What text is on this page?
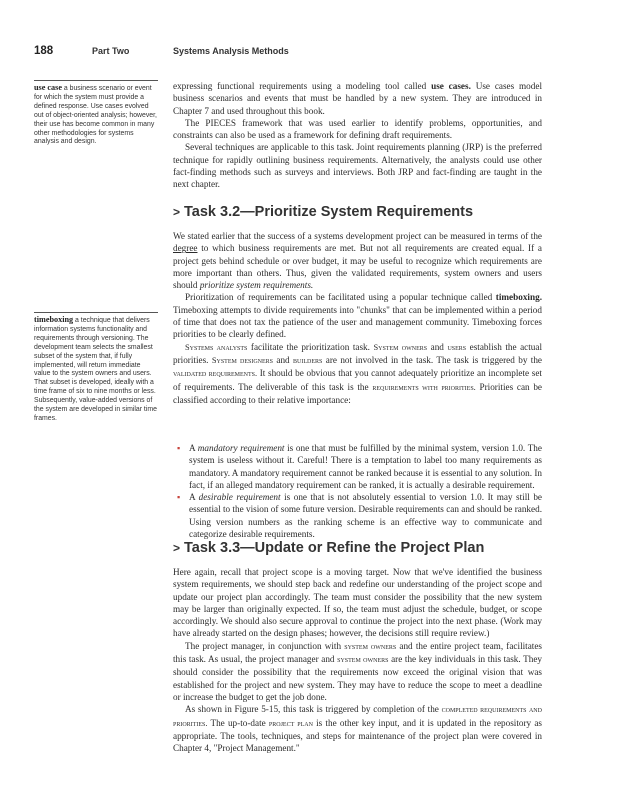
188	Part Two	Systems Analysis Methods
use case a business scenario or event for which the system must provide a defined response. Use cases evolved out of object-oriented analysis; however, their use has become common in many other methodologies for systems analysis and design.
timeboxing a technique that delivers information systems functionality and requirements through versioning. The development team selects the smallest subset of the system that, if fully implemented, will return immediate value to the system owners and users. That subset is developed, ideally with a time frame of six to nine months or less. Subsequently, value-added versions of the system are developed in similar time frames.

expressing functional requirements using a modeling tool called use cases. Use cases model business scenarios and events that must be handled by a new system. They are introduced in Chapter 7 and used throughout this book.

The PIECES framework that was used earlier to identify problems, opportunities, and constraints can also be used as a framework for defining draft requirements.

Several techniques are applicable to this task. Joint requirements planning (JRP) is the preferred technique for rapidly outlining business requirements. Alternatively, the analysts could use other fact-finding methods such as surveys and interviews. Both JRP and fact-finding are taught in the next chapter.

> Task 3.2—Prioritize System Requirements

We stated earlier that the success of a systems development project can be measured in terms of the degree to which business requirements are met. But not all requirements are created equal. If a project gets behind schedule or over budget, it may be useful to recognize which requirements are more important than others. Thus, given the validated requirements, system owners and users should prioritize system requirements.

Prioritization of requirements can be facilitated using a popular technique called timeboxing. Timeboxing attempts to divide requirements into "chunks" that can be implemented within a period of time that does not tax the patience of the user and management community. Timeboxing forces priorities to be clearly defined.

Systems analysts facilitate the prioritization task. System owners and users establish the actual priorities. System designers and builders are not involved in the task. The task is triggered by the validated requirements. It should be obvious that you cannot adequately prioritize an incomplete set of requirements. The deliverable of this task is the requirements with priorities. Priorities can be classified according to their relative importance:

▪ A mandatory requirement is one that must be fulfilled by the minimal system, version 1.0. The system is useless without it. Careful! There is a temptation to label too many requirements as mandatory. A mandatory requirement cannot be ranked because it is essential to any solution. In fact, if an alleged mandatory requirement can be ranked, it is actually a desirable requirement.

▪ A desirable requirement is one that is not absolutely essential to version 1.0. It may still be essential to the vision of some future version. Desirable requirements can and should be ranked. Using version numbers as the ranking scheme is an effective way to communicate and categorize desirable requirements.

> Task 3.3—Update or Refine the Project Plan

Here again, recall that project scope is a moving target. Now that we've identified the business system requirements, we should step back and redefine our understanding of the project scope and update our project plan accordingly. The team must consider the possibility that the new system may be larger than originally expected. If so, the team must adjust the schedule, budget, or scope accordingly. We should also secure approval to continue the project into the next phase. (Work may have already started on the design phases; however, the decisions still require review.)

The project manager, in conjunction with system owners and the entire project team, facilitates this task. As usual, the project manager and system owners are the key individuals in this task. They should consider the possibility that the requirements now exceed the original vision that was established for the project and new system. They may have to reduce the scope to meet a deadline or increase the budget to get the job done.

As shown in Figure 5-15, this task is triggered by completion of the completed requirements and priorities. The up-to-date project plan is the other key input, and it is updated in the repository as appropriate. The tools, techniques, and steps for maintenance of the project plan were covered in Chapter 4, "Project Management."
